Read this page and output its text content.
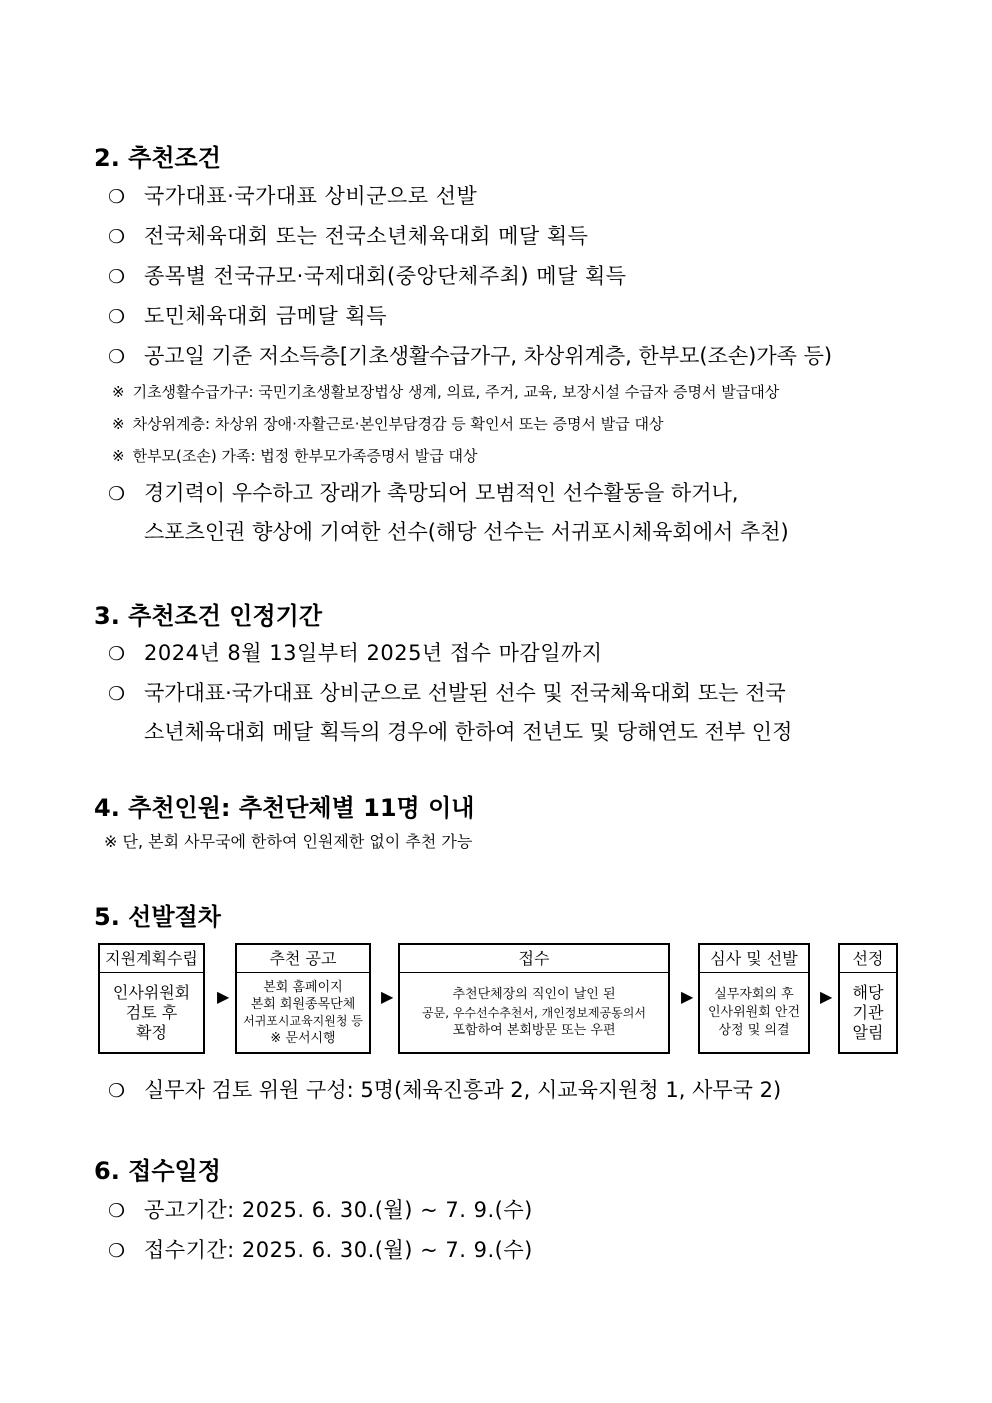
2. 추천조건
❍ 국가대표·국가대표 상비군으로 선발
❍ 전국체육대회 또는 전국소년체육대회 메달 획득
❍ 종목별 전국규모·국제대회(중앙단체주최) 메달 획득
❍ 도민체육대회 금메달 획득
❍ 공고일 기준 저소득층[기초생활수급가구, 차상위계층, 한부모(조손)가족 등)
※ 기초생활수급가구: 국민기초생활보장법상 생계, 의료, 주거, 교육, 보장시설 수급자 증명서 발급대상
※ 차상위계층: 차상위 장애·자활근로·본인부담경감 등 확인서 또는 증명서 발급 대상
※ 한부모(조손) 가족: 법정 한부모가족증명서 발급 대상
❍ 경기력이 우수하고 장래가 촉망되어 모범적인 선수활동을 하거나,
스포츠인권 향상에 기여한 선수(해당 선수는 서귀포시체육회에서 추천)
3. 추천조건 인정기간
❍ 2024년 8월 13일부터 2025년 접수 마감일까지
❍ 국가대표·국가대표 상비군으로 선발된 선수 및 전국체육대회 또는 전국
소년체육대회 메달 획득의 경우에 한하여 전년도 및 당해연도 전부 인정
4. 추천인원: 추천단체별 11명 이내
※ 단, 본회 사무국에 한하여 인원제한 없이 추천 가능
5. 선발절차
지원계획수립
인사위원회
검토 후
확정
▶
추천 공고
본회 홈페이지
본회 회원종목단체
서귀포시교육지원청 등
※ 문서시행
▶
접수
추천단체장의 직인이 날인 된
공문, 우수선수추천서, 개인정보제공동의서
포함하여 본회방문 또는 우편
▶
심사 및 선발
실무자회의 후
인사위원회 안건
상정 및 의결
▶
선정
해당
기관
알림
❍ 실무자 검토 위원 구성: 5명(체육진흥과 2, 시교육지원청 1, 사무국 2)
6. 접수일정
❍ 공고기간: 2025. 6. 30.(월) ~ 7. 9.(수)
❍ 접수기간: 2025. 6. 30.(월) ~ 7. 9.(수)
